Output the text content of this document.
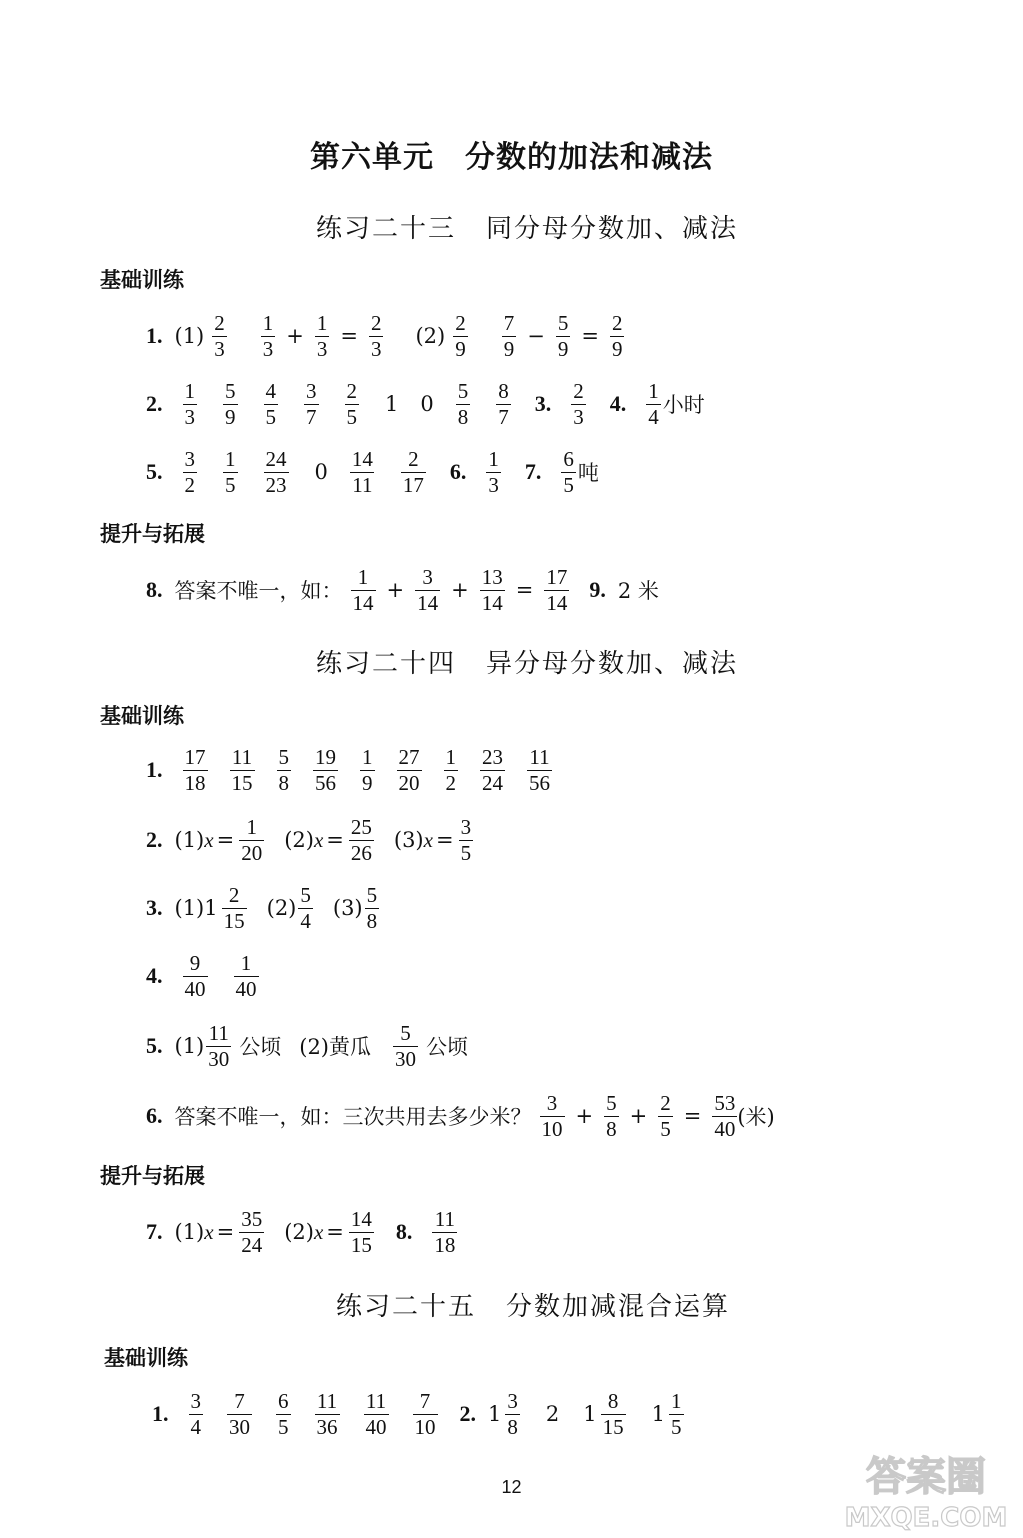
第六单元　分数的加法和减法
练习二十三 同分母分数加、减法
基础训练
1. $(1) \frac{2}{3} \frac{1}{3} + \frac{1}{3} = \frac{2}{3} (2) \frac{2}{9} \frac{7}{9} - \frac{5}{9} = \frac{2}{9}$
2. $\frac{1}{3} \frac{5}{9} \frac{4}{5} \frac{3}{7} \frac{2}{5} 1$ $0 \frac{5}{8} \frac{8}{7} 3$. $\frac{2}{3} 4$. $\frac{1}{4}$ 小时
5. $\frac{3}{2} \frac{1}{5} \frac{24}{23} 0 \frac{14}{11} \frac{2}{17} 6$. $\frac{1}{3} 7$. $\frac{6}{5}$ 吨
提升与拓展
8. 答案不唯一，如： $\frac{1}{14} + \frac{3}{14} + \frac{13}{14} = \frac{17}{14} 9$. 2 米
练习二十四 异分母分数加、减法
基础训练
1. $\frac{17}{18} \frac{11}{15} \frac{5}{8} \frac{19}{56} \frac{1}{9} \frac{27}{20} \frac{1}{2} \frac{23}{24} \frac{11}{56}$
2. (1) $x = \frac{1}{20} (2) x = \frac{25}{26} (3) x = \frac{3}{5}$
3. (1) $1 \frac{2}{15} (2) \frac{5}{4} (3) \frac{5}{8}$
4. $\frac{9}{40} \frac{1}{40}$
5. $(1) \frac{11}{30}$ 公顷 (2)黄瓜 $\frac{5}{30}$ 公顷
6. 答案不唯一，如：三次共用去多少米？ $\frac{3}{10} + \frac{5}{8} + \frac{2}{5} = \frac{53}{40}$ (米)
提升与拓展
7. (1) $x = \frac{35}{24} (2) x = \frac{14}{15} 8$. $\frac{11}{18}$
练习二十五 分数加减混合运算
基础训练
1. $\frac{3}{4} \frac{7}{30} \frac{6}{5} \frac{11}{36} \frac{11}{40} \frac{7}{10} 2$. $1 \frac{3}{8} 2$ $1 \frac{8}{15} 1 \frac{1}{5}$
12	答案圈
MXQE.COM
